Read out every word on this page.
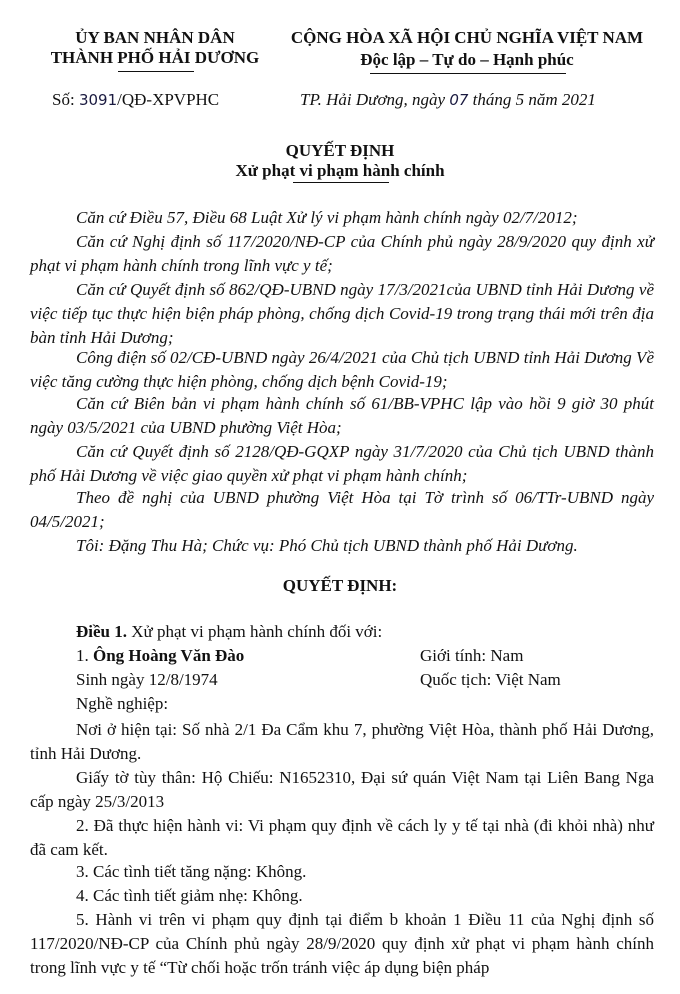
ỦY BAN NHÂN DÂN
THÀNH PHỐ HẢI DƯƠNG
CỘNG HÒA XÃ HỘI CHỦ NGHĨA VIỆT NAM
Độc lập – Tự do – Hạnh phúc
Số: 3091/QĐ-XPVPHC	TP. Hải Dương, ngày 07 tháng 5 năm 2021
QUYẾT ĐỊNH
Xử phạt vi phạm hành chính
Căn cứ Điều 57, Điều 68 Luật Xử lý vi phạm hành chính ngày 02/7/2012;
Căn cứ Nghị định số 117/2020/NĐ-CP của Chính phủ ngày 28/9/2020 quy định xử phạt vi phạm hành chính trong lĩnh vực y tế;
Căn cứ Quyết định số 862/QĐ-UBND ngày 17/3/2021của UBND tỉnh Hải Dương về việc tiếp tục thực hiện biện pháp phòng, chống dịch Covid-19 trong trạng thái mới trên địa bàn tỉnh Hải Dương;
Công điện số 02/CĐ-UBND ngày 26/4/2021 của Chủ tịch UBND tỉnh Hải Dương Về việc tăng cường thực hiện phòng, chống dịch bệnh Covid-19;
Căn cứ Biên bản vi phạm hành chính số 61/BB-VPHC lập vào hồi 9 giờ 30 phút ngày 03/5/2021 của UBND phường Việt Hòa;
Căn cứ Quyết định số 2128/QĐ-GQXP ngày 31/7/2020 của Chủ tịch UBND thành phố Hải Dương về việc giao quyền xử phạt vi phạm hành chính;
Theo đề nghị của UBND phường Việt Hòa tại Tờ trình số 06/TTr-UBND ngày 04/5/2021;
Tôi: Đặng Thu Hà; Chức vụ: Phó Chủ tịch UBND thành phố Hải Dương.
QUYẾT ĐỊNH:
Điều 1. Xử phạt vi phạm hành chính đối với:
1. Ông Hoàng Văn Đào	Giới tính: Nam
Sinh ngày 12/8/1974	Quốc tịch: Việt Nam
Nghề nghiệp:
Nơi ở hiện tại: Số nhà 2/1 Đa Cẩm khu 7, phường Việt Hòa, thành phố Hải Dương, tỉnh Hải Dương.
Giấy tờ tùy thân: Hộ Chiếu: N1652310, Đại sứ quán Việt Nam tại Liên Bang Nga cấp ngày 25/3/2013
2. Đã thực hiện hành vi: Vi phạm quy định về cách ly y tế tại nhà (đi khỏi nhà) như đã cam kết.
3. Các tình tiết tăng nặng: Không.
4. Các tình tiết giảm nhẹ: Không.
5. Hành vi trên vi phạm quy định tại điểm b khoản 1 Điều 11 của Nghị định số 117/2020/NĐ-CP của Chính phủ ngày 28/9/2020 quy định xử phạt vi phạm hành chính trong lĩnh vực y tế “Từ chối hoặc trốn tránh việc áp dụng biện pháp
